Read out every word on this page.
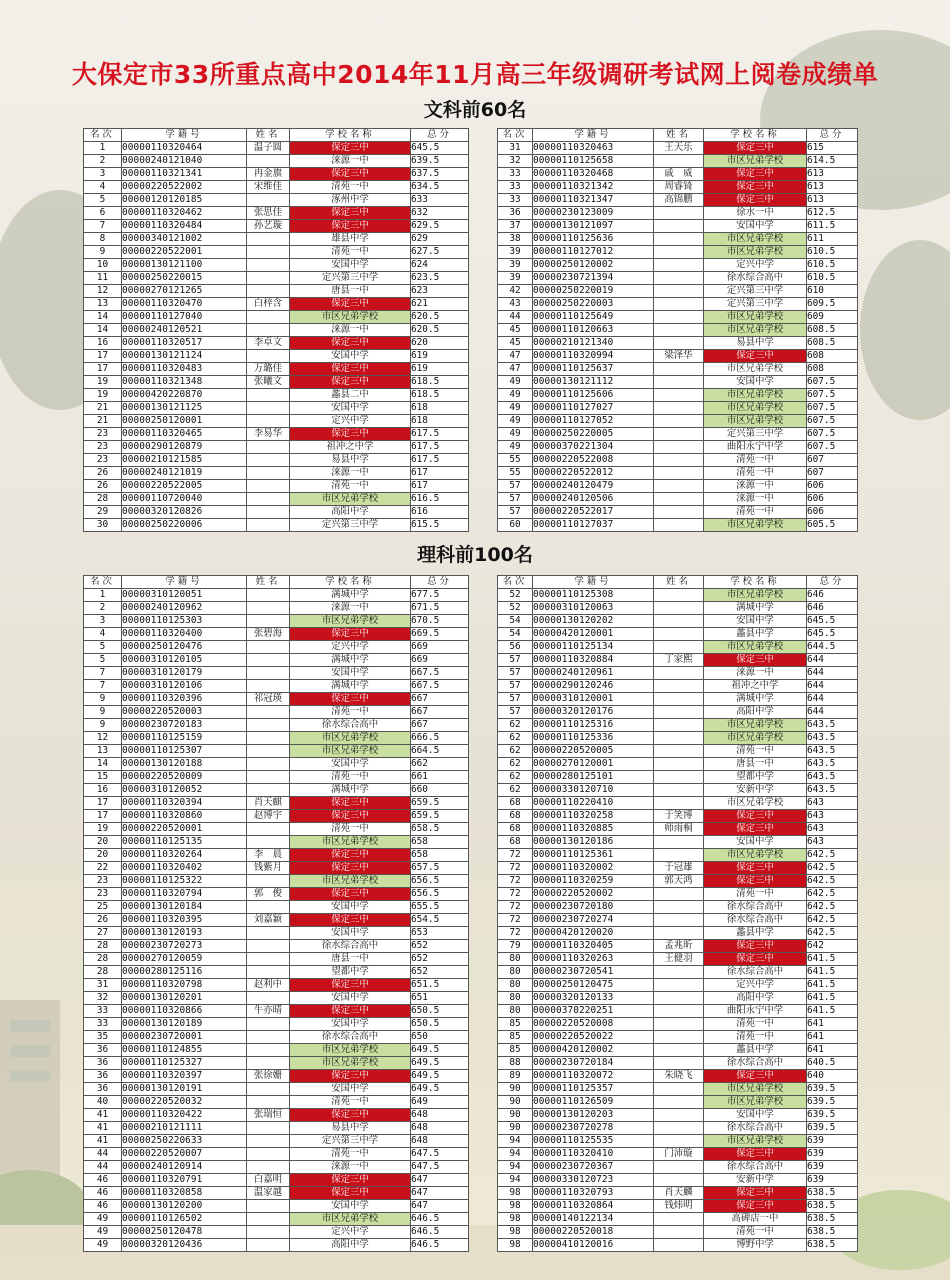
大保定市33所重点高中2014年11月高三年级调研考试网上阅卷成绩单
文科前60名
理科前100名
名次	学籍号	姓名	学校名称	总分
1	00000110320464	温子圆	保定三中	645.5
2	00000240121040		涞源一中	639.5
3	00000110321341	冉金旗	保定三中	637.5
4	00000220522002	宋维佳	清苑一中	634.5
5	00000120120185		涿州中学	633
6	00000110320462	张思佳	保定三中	632
7	00000110320484	孙艺璇	保定三中	629.5
8	00000340121002		雄县中学	629
9	00000220522001		清苑一中	627.5
10	00000130121100		安国中学	624
11	00000250220015		定兴第三中学	623.5
12	00000270121265		唐县一中	623
13	00000110320470	白梓含	保定三中	621
14	00000110127040		市区兄弟学校	620.5
14	00000240120521		涞源一中	620.5
16	00000110320517	李卓文	保定三中	620
17	00000130121124		安国中学	619
17	00000110320483	万璐佳	保定三中	619
19	00000110321348	张曦文	保定三中	618.5
19	00000420220870		蠡县二中	618.5
21	00000130121125		安国中学	618
21	00000250120001		定兴中学	618
23	00000110320465	李易华	保定三中	617.5
23	00000290120879		祖冲之中学	617.5
23	00000210121585		易县中学	617.5
26	00000240121019		涞源一中	617
26	00000220522005		清苑一中	617
28	00000110720040		市区兄弟学校	616.5
29	00000320120826		高阳中学	616
30	00000250220006		定兴第三中学	615.5
名次	学籍号	姓名	学校名称	总分
31	00000110320463	王天乐	保定三中	615
32	00000110125658		市区兄弟学校	614.5
33	00000110320468	戚　威	保定三中	613
33	00000110321342	周睿锜	保定三中	613
33	00000110321347	高锦鹏	保定三中	613
36	00000230123009		徐水一中	612.5
37	00000130121097		安国中学	611.5
38	00000110125636		市区兄弟学校	611
39	00000110127012		市区兄弟学校	610.5
39	00000250120002		定兴中学	610.5
39	00000230721394		徐水综合高中	610.5
42	00000250220019		定兴第三中学	610
43	00000250220003		定兴第三中学	609.5
44	00000110125649		市区兄弟学校	609
45	00000110120663		市区兄弟学校	608.5
45	00000210121340		易县中学	608.5
47	00000110320994	梁泽华	保定三中	608
47	00000110125637		市区兄弟学校	608
49	00000130121112		安国中学	607.5
49	00000110125606		市区兄弟学校	607.5
49	00000110127027		市区兄弟学校	607.5
49	00000110127052		市区兄弟学校	607.5
49	00000250220005		定兴第三中学	607.5
49	00000370221304		曲阳永宁中学	607.5
55	00000220522008		清苑一中	607
55	00000220522012		清苑一中	607
57	00000240120479		涞源一中	606
57	00000240120506		涞源一中	606
57	00000220522017		清苑一中	606
60	00000110127037		市区兄弟学校	605.5
名次	学籍号	姓名	学校名称	总分
1	00000310120051		满城中学	677.5
2	00000240120962		涞源一中	671.5
3	00000110125303		市区兄弟学校	670.5
4	00000110320400	张碧海	保定三中	669.5
5	00000250120476		定兴中学	669
5	00000310120105		满城中学	669
7	00000310120179		安国中学	667.5
7	00000310120106		满城中学	667.5
9	00000110320396	祁冠瑛	保定三中	667
9	00000220520003		清苑一中	667
9	00000230720183		徐水综合高中	667
12	00000110125159		市区兄弟学校	666.5
13	00000110125307		市区兄弟学校	664.5
14	00000130120188		安国中学	662
15	00000220520009		清苑一中	661
16	00000310120052		满城中学	660
17	00000110320394	肖天麒	保定三中	659.5
17	00000110320860	赵博宇	保定三中	659.5
19	00000220520001		清苑一中	658.5
20	00000110125135		市区兄弟学校	658
20	00000110320264	李　晨	保定三中	658
22	00000110320402	钱紫月	保定三中	657.5
23	00000110125322		市区兄弟学校	656.5
23	00000110320794	郭　俊	保定三中	656.5
25	00000130120184		安国中学	655.5
26	00000110320395	刘嘉颖	保定三中	654.5
27	00000130120193		安国中学	653
28	00000230720273		徐水综合高中	652
28	00000270120059		唐县一中	652
28	00000280125116		望都中学	652
31	00000110320798	赵利中	保定三中	651.5
32	00000130120201		安国中学	651
33	00000110320866	牛亦晴	保定三中	650.5
33	00000130120189		安国中学	650.5
35	00000230720001		徐水综合高中	650
36	00000110124855		市区兄弟学校	649.5
36	00000110125327		市区兄弟学校	649.5
36	00000110320397	张徐姗	保定三中	649.5
36	00000130120191		安国中学	649.5
40	00000220520032		清苑一中	649
41	00000110320422	张瑞恒	保定三中	648
41	00000210121111		易县中学	648
41	00000250220633		定兴第三中学	648
44	00000220520007		清苑一中	647.5
44	00000240120914		涞源一中	647.5
46	00000110320791	白嘉明	保定三中	647
46	00000110320858	温家越	保定三中	647
46	00000130120200		安国中学	647
49	00000110126502		市区兄弟学校	646.5
49	00000250120478		定兴中学	646.5
49	00000320120436		高阳中学	646.5
名次	学籍号	姓名	学校名称	总分
52	00000110125308		市区兄弟学校	646
52	00000310120063		满城中学	646
54	00000130120202		安国中学	645.5
54	00000420120001		蠡县中学	645.5
56	00000110125134		市区兄弟学校	644.5
57	00000110320884	丁家熙	保定三中	644
57	00000240120961		涞源一中	644
57	00000290120246		祖冲之中学	644
57	00000310120001		满城中学	644
57	00000320120176		高阳中学	644
62	00000110125316		市区兄弟学校	643.5
62	00000110125336		市区兄弟学校	643.5
62	00000220520005		清苑一中	643.5
62	00000270120001		唐县一中	643.5
62	00000280125101		望都中学	643.5
62	00000330120710		安新中学	643.5
68	00000110220410		市区兄弟学校	643
68	00000110320258	于笑博	保定三中	643
68	00000110320885	师雨桐	保定三中	643
68	00000130120186		安国中学	643
72	00000110125361		市区兄弟学校	642.5
72	00000110320002	于冠雄	保定三中	642.5
72	00000110320259	郭天鸿	保定三中	642.5
72	00000220520002		清苑一中	642.5
72	00000230720180		徐水综合高中	642.5
72	00000230720274		徐水综合高中	642.5
72	00000420120020		蠡县中学	642.5
79	00000110320405	孟兆昕	保定三中	642
80	00000110320263	王健羽	保定三中	641.5
80	00000230720541		徐水综合高中	641.5
80	00000250120475		定兴中学	641.5
80	00000320120133		高阳中学	641.5
80	00000370220251		曲阳永宁中学	641.5
85	00000220520008		清苑一中	641
85	00000220520022		清苑一中	641
85	00000420120002		蠡县中学	641
88	00000230720184		徐水综合高中	640.5
89	00000110320072	朱晓飞	保定三中	640
90	00000110125357		市区兄弟学校	639.5
90	00000110126509		市区兄弟学校	639.5
90	00000130120203		安国中学	639.5
90	00000230720278		徐水综合高中	639.5
94	00000110125535		市区兄弟学校	639
94	00000110320410	门沛璇	保定三中	639
94	00000230720367		徐水综合高中	639
94	00000330120723		安新中学	639
98	00000110320793	肖天麟	保定三中	638.5
98	00000110320864	钱炜明	保定三中	638.5
98	00000140122134		高碑店一中	638.5
98	00000220520018		清苑一中	638.5
98	00000410120016		博野中学	638.5
